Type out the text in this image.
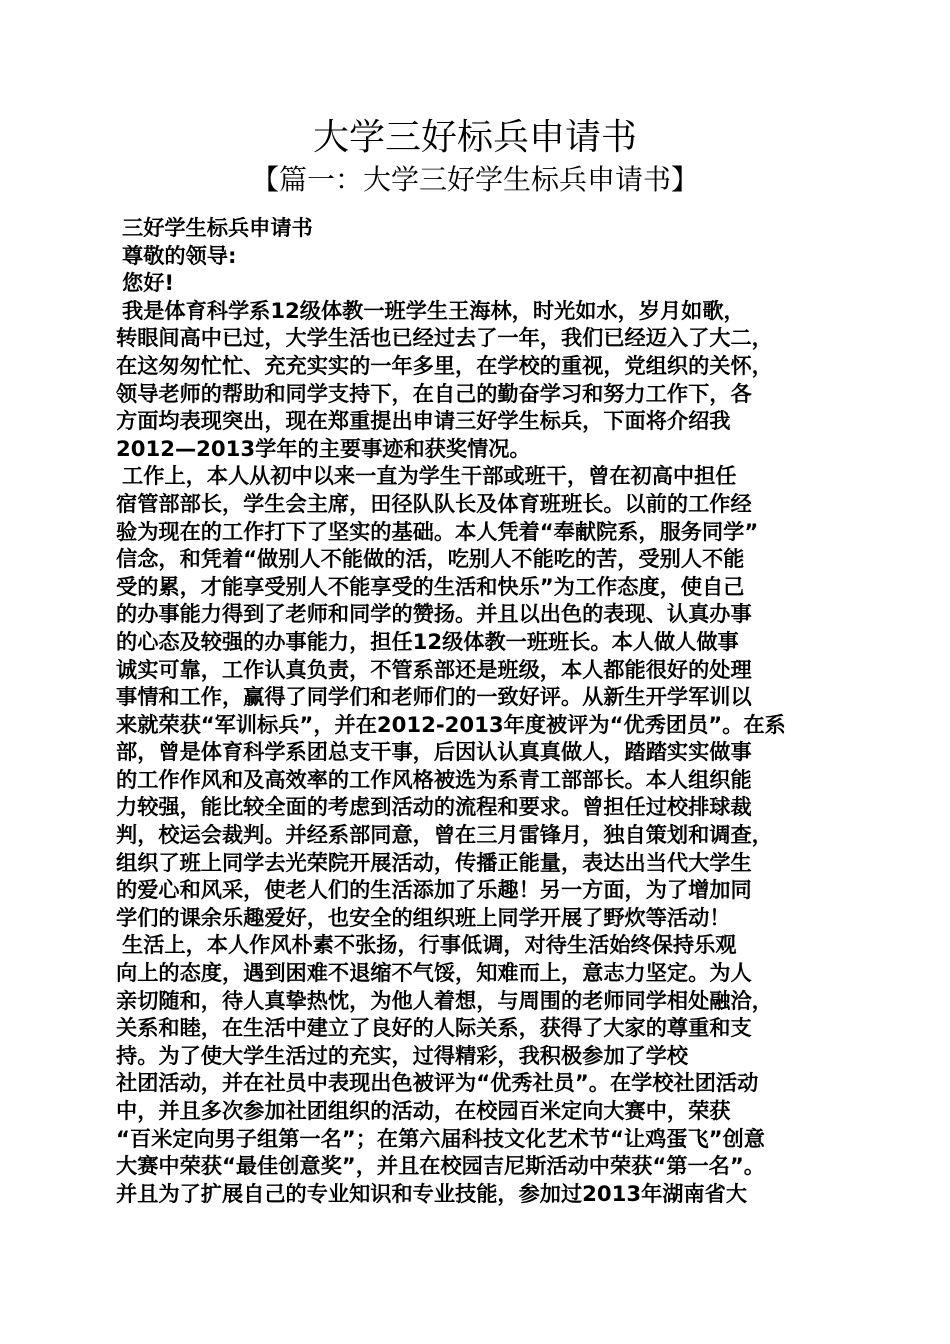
大学三好标兵申请书
【篇一：大学三好学生标兵申请书】
三好学生标兵申请书
尊敬的领导:
您好!
我是体育科学系12级体教一班学生王海林，时光如水，岁月如歌，
转眼间高中已过，大学生活也已经过去了一年，我们已经迈入了大二，
在这匆匆忙忙、充充实实的一年多里，在学校的重视，党组织的关怀，
领导老师的帮助和同学支持下，在自己的勤奋学习和努力工作下，各
方面均表现突出，现在郑重提出申请三好学生标兵，下面将介绍我
2012—2013学年的主要事迹和获奖情况。
工作上，本人从初中以来一直为学生干部或班干，曾在初高中担任
宿管部部长，学生会主席，田径队队长及体育班班长。以前的工作经
验为现在的工作打下了坚实的基础。本人凭着“奉献院系，服务同学”
信念，和凭着“做别人不能做的活，吃别人不能吃的苦，受别人不能
受的累，才能享受别人不能享受的生活和快乐”为工作态度，使自己
的办事能力得到了老师和同学的赞扬。并且以出色的表现、认真办事
的心态及较强的办事能力，担任12级体教一班班长。本人做人做事
诚实可靠，工作认真负责，不管系部还是班级，本人都能很好的处理
事情和工作，赢得了同学们和老师们的一致好评。从新生开学军训以
来就荣获“军训标兵”，并在2012-2013年度被评为“优秀团员”。在系
部，曾是体育科学系团总支干事，后因认认真真做人，踏踏实实做事
的工作作风和及高效率的工作风格被选为系青工部部长。本人组织能
力较强，能比较全面的考虑到活动的流程和要求。曾担任过校排球裁
判，校运会裁判。并经系部同意，曾在三月雷锋月，独自策划和调查，
组织了班上同学去光荣院开展活动，传播正能量，表达出当代大学生
的爱心和风采，使老人们的生活添加了乐趣！另一方面，为了增加同
学们的课余乐趣爱好，也安全的组织班上同学开展了野炊等活动！
生活上，本人作风朴素不张扬，行事低调，对待生活始终保持乐观
向上的态度，遇到困难不退缩不气馁，知难而上，意志力坚定。为人
亲切随和，待人真挚热忱，为他人着想，与周围的老师同学相处融洽，
关系和睦，在生活中建立了良好的人际关系，获得了大家的尊重和支
持。为了使大学生活过的充实，过得精彩，我积极参加了学校
社团活动，并在社员中表现出色被评为“优秀社员”。在学校社团活动
中，并且多次参加社团组织的活动，在校园百米定向大赛中，荣获
“百米定向男子组第一名”；在第六届科技文化艺术节“让鸡蛋飞”创意
大赛中荣获“最佳创意奖”，并且在校园吉尼斯活动中荣获“第一名”。
并且为了扩展自己的专业知识和专业技能，参加过2013年湖南省大
